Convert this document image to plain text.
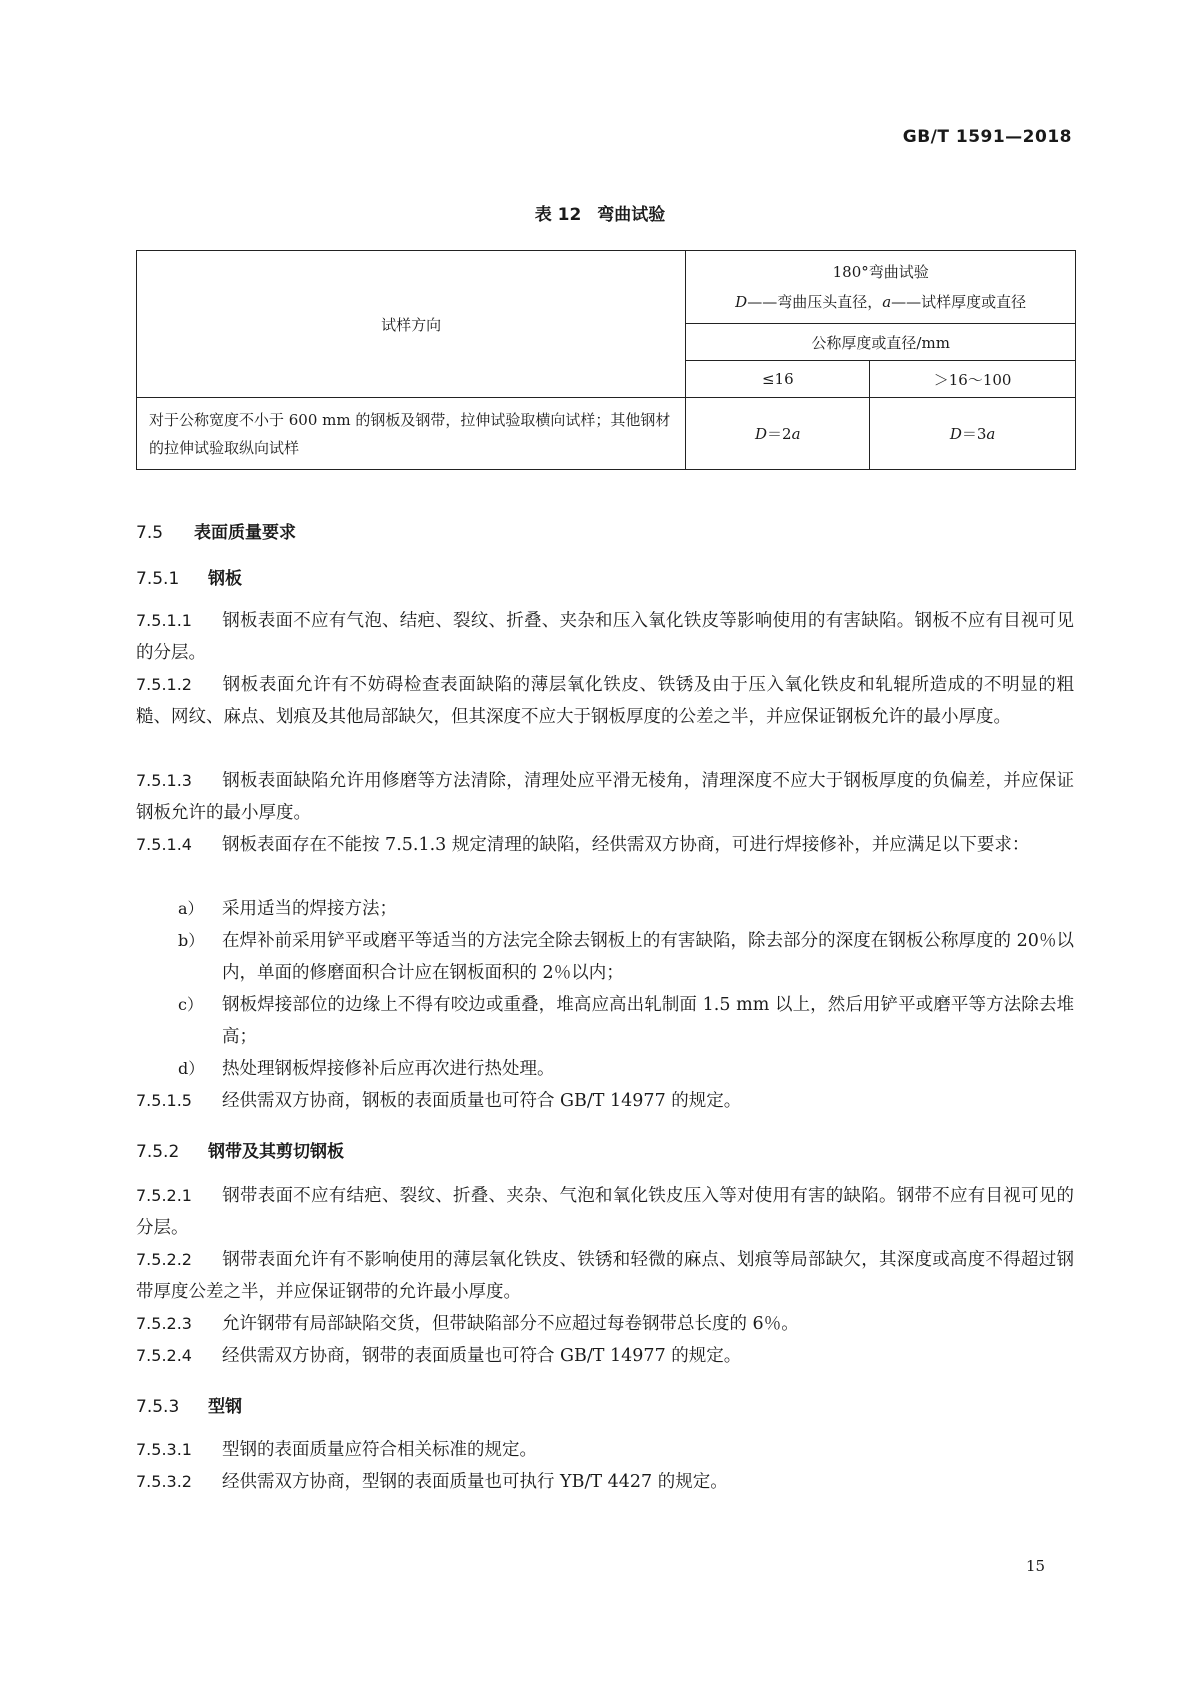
GB/T 1591—2018
表 12 弯曲试验
试样方向	180°弯曲试验
D——弯曲压头直径，a——试样厚度或直径	

	公称厚度或直径/mm	
	≤16	＞16～100
对于公称宽度不小于 600 mm 的钢板及钢带，拉伸试验取横向试样；其他钢材的拉伸试验取纵向试样	D＝2a	D＝3a
7.5 表面质量要求
7.5.1 钢板
7.5.1.1 钢板表面不应有气泡、结疤、裂纹、折叠、夹杂和压入氧化铁皮等影响使用的有害缺陷。钢板不应有目视可见的分层。
7.5.1.2 钢板表面允许有不妨碍检查表面缺陷的薄层氧化铁皮、铁锈及由于压入氧化铁皮和轧辊所造成的不明显的粗糙、网纹、麻点、划痕及其他局部缺欠，但其深度不应大于钢板厚度的公差之半，并应保证钢板允许的最小厚度。
7.5.1.3 钢板表面缺陷允许用修磨等方法清除，清理处应平滑无棱角，清理深度不应大于钢板厚度的负偏差，并应保证钢板允许的最小厚度。
7.5.1.4 钢板表面存在不能按 7.5.1.3 规定清理的缺陷，经供需双方协商，可进行焊接修补，并应满足以下要求：
a） 采用适当的焊接方法；
b） 在焊补前采用铲平或磨平等适当的方法完全除去钢板上的有害缺陷，除去部分的深度在钢板公称厚度的 20％以内，单面的修磨面积合计应在钢板面积的 2％以内；
c） 钢板焊接部位的边缘上不得有咬边或重叠，堆高应高出轧制面 1.5 mm 以上，然后用铲平或磨平等方法除去堆高；
d） 热处理钢板焊接修补后应再次进行热处理。
7.5.1.5 经供需双方协商，钢板的表面质量也可符合 GB/T 14977 的规定。
7.5.2 钢带及其剪切钢板
7.5.2.1 钢带表面不应有结疤、裂纹、折叠、夹杂、气泡和氧化铁皮压入等对使用有害的缺陷。钢带不应有目视可见的分层。
7.5.2.2 钢带表面允许有不影响使用的薄层氧化铁皮、铁锈和轻微的麻点、划痕等局部缺欠，其深度或高度不得超过钢带厚度公差之半，并应保证钢带的允许最小厚度。
7.5.2.3 允许钢带有局部缺陷交货，但带缺陷部分不应超过每卷钢带总长度的 6％。
7.5.2.4 经供需双方协商，钢带的表面质量也可符合 GB/T 14977 的规定。
7.5.3 型钢
7.5.3.1 型钢的表面质量应符合相关标准的规定。
7.5.3.2 经供需双方协商，型钢的表面质量也可执行 YB/T 4427 的规定。
15
